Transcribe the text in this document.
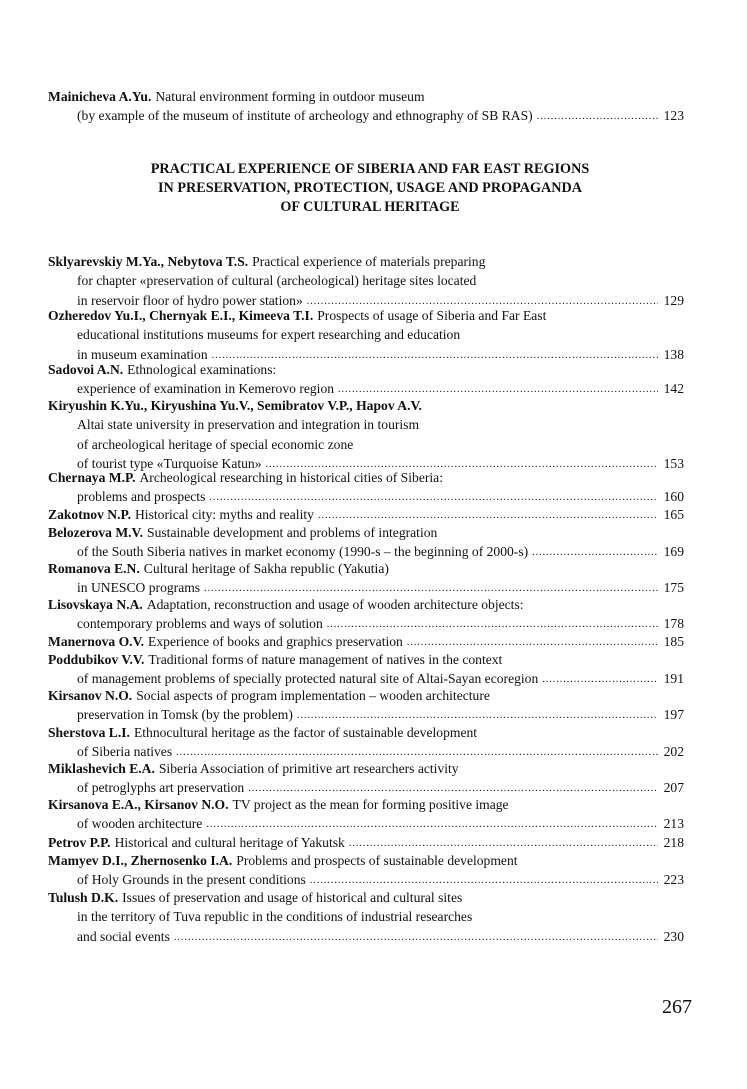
Mainicheva A.Yu. Natural environment forming in outdoor museum
(by example of the museum of institute of archeology and ethnography of SB RAS) .....	123
PRACTICAL EXPERIENCE OF SIBERIA AND FAR EAST REGIONS
IN PRESERVATION, PROTECTION, USAGE AND PROPAGANDA
OF CULTURAL HERITAGE
Sklyarevskiy M.Ya., Nebytova T.S. Practical experience of materials preparing
for chapter «preservation of cultural (archeological) heritage sites located
in reservoir floor of hydro power station» .....	129
Ozheredov Yu.I., Chernyak E.I., Kimeeva T.I. Prospects of usage of Siberia and Far East
educational institutions museums for expert researching and education
in museum examination .....	138
Sadovoi A.N. Ethnological examinations:
experience of examination in Kemerovo region .....	142
Kiryushin K.Yu., Kiryushina Yu.V., Semibratov V.P., Hapov A.V.
Altai state university in preservation and integration in tourism
of archeological heritage of special economic zone
of tourist type «Turquoise Katun» .....	153
Chernaya M.P. Archeological researching in historical cities of Siberia:
problems and prospects .....	160
Zakotnov N.P. Historical city: myths and reality .....	165
Belozerova M.V. Sustainable development and problems of integration
of the South Siberia natives in market economy (1990-s – the beginning of 2000-s) .....	169
Romanova E.N. Cultural heritage of Sakha republic (Yakutia)
in UNESCO programs .....	175
Lisovskaya N.A. Adaptation, reconstruction and usage of wooden architecture objects:
contemporary problems and ways of solution .....	178
Manernova O.V. Experience of books and graphics preservation .....	185
Poddubikov V.V. Traditional forms of nature management of natives in the context
of management problems of specially protected natural site of Altai-Sayan ecoregion .....	191
Kirsanov N.O. Social aspects of program implementation – wooden architecture
preservation in Tomsk (by the problem) .....	197
Sherstova L.I. Ethnocultural heritage as the factor of sustainable development
of Siberia natives .....	202
Miklashevich E.A. Siberia Association of primitive art researchers activity
of petroglyphs art preservation .....	207
Kirsanova E.A., Kirsanov N.O. TV project as the mean for forming positive image
of wooden architecture .....	213
Petrov P.P. Historical and cultural heritage of Yakutsk .....	218
Mamyev D.I., Zhernosenko I.A. Problems and prospects of sustainable development
of Holy Grounds in the present conditions .....	223
Tulush D.K. Issues of preservation and usage of historical and cultural sites
in the territory of Tuva republic in the conditions of industrial researches
and social events .....	230
267
